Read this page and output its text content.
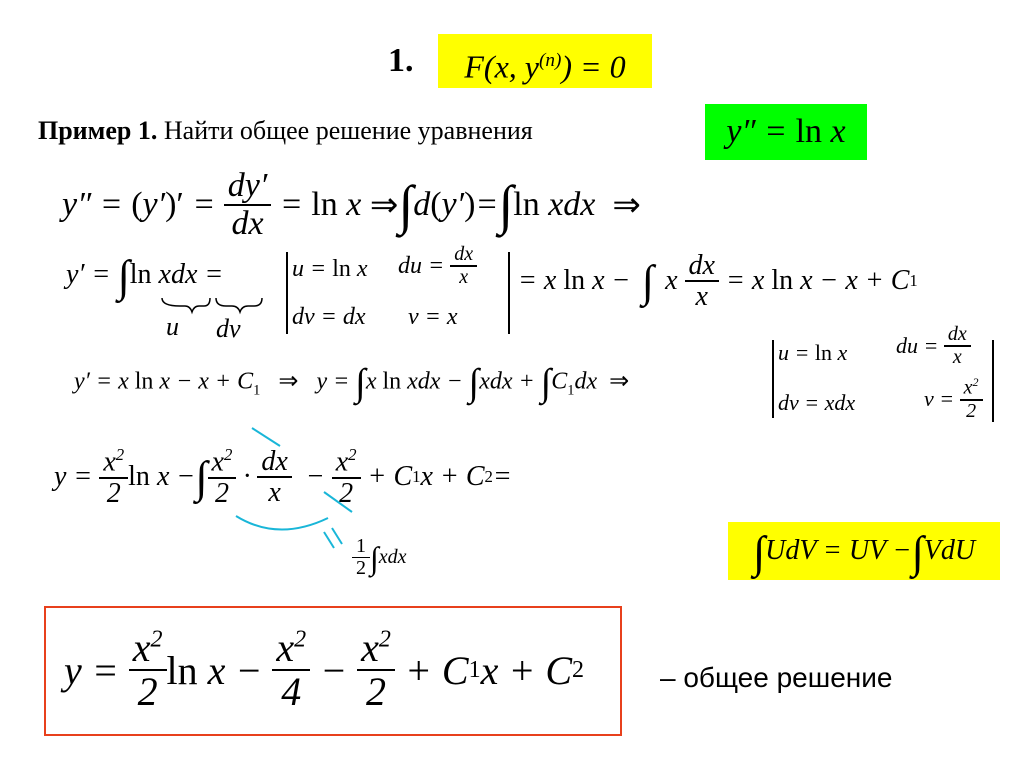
1.	F(x, $y^{(n)}) = 0$
Пример 1. Найти общее решение уравнения	y″ = ln x
y″ = ( y′ )′ = $\frac{dy'}{dx} = \ln x$ ⇒ ∫ d ( y′ ) = ∫ ln xdx ⇒
y′ = ∫ln xdx =
u dv
u = ln x du = $\frac{dx}{x}$
dv = dx v = x
= x ln x − ∫ x $\frac{dx}{x} = x$ ln x − x + C 1
y′ = x $\ln x - x + C_1$   ⇒   y = ∫x ln xdx − $\int xdx + \int C_1dx$  ⇒
u = ln x du = $\frac{dx}{x}$
dv = xdx	$v = \frac{x^2}{2}$
$y = \frac{x^2}{2}$ ln x − ∫ $\frac{x^2}{2} \cdot \frac{dx}{x} - \frac{x^2}{2} + C$ 1 x + C 2 =
$\frac{1}{2}$ ∫ xdx	∫UdV = UV −∫VdU
$y = \frac{x^2}{2}$ $\ln x - \frac{x^2}{4} - \frac{x^2}{2} + C$ 1 x + C 2	– общее решение
